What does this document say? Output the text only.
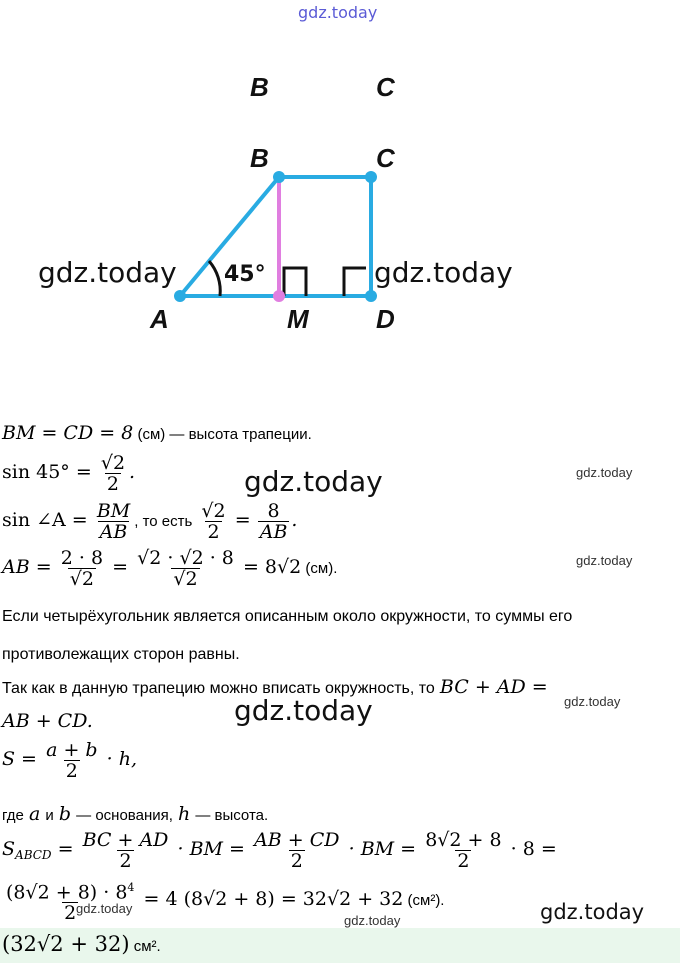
gdz.today
B	C
B	C
A	M	D
45°
gdz.today	gdz.today
BM = CD = 8 (см) — высота трапеции.
$\sin 45^\circ = \frac{√2}{2}$ .	gdz.today	gdz.today
sin ∠A = $\frac{BM}{AB}$ , то есть $\frac{√2}{2} = \frac{8}{AB}$ .
AB = $\frac{2 \cdot 8}{√2} = \frac{√2 \cdot √2 \cdot 8}{√2} = 8√2$ (см).	gdz.today
Если четырёхугольник является описанным около окружности, то суммы его
противолежащих сторон равны.
Так как в данную трапецию можно вписать окружность, то BC + AD =
gdz.today
AB + CD.	gdz.today
$S = \frac{a + b}{2} \cdot h$,
где a и b — основания, h — высота.
$S_{ABCD} = \frac{BC + AD}{2}$ · BM = $\frac{AB + CD}{2}$ · BM = $\frac{8√2 + 8}{2} \cdot 8$ =
$\frac{(8√2 + 8) \cdot 8^4}{2} = 4$ (8√2 + 8) = 32√2 + 32 (см²).
gdz.today
gdz.today	gdz.today
(32√2 + 32) см².
